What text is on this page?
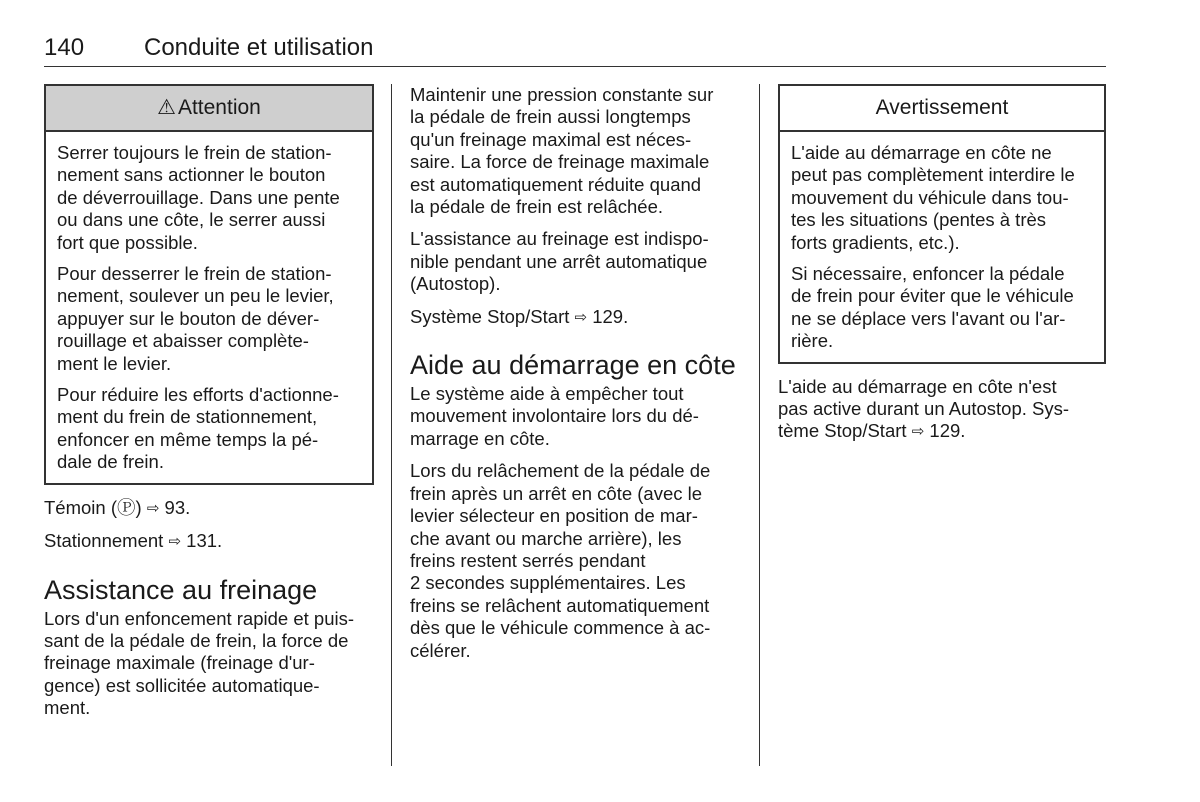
140 Conduite et utilisation
⚠Attention

Serrer toujours le frein de station-
nement sans actionner le bouton
de déverrouillage. Dans une pente
ou dans une côte, le serrer aussi
fort que possible.

Pour desserrer le frein de station-
nement, soulever un peu le levier,
appuyer sur le bouton de déver-
rouillage et abaisser complète-
ment le levier.

Pour réduire les efforts d'actionne-
ment du frein de stationnement,
enfoncer en même temps la pé-
dale de frein.

Témoin (Ⓟ) ⇨ 93.

Stationnement ⇨ 131.

Assistance au freinage

Lors d'un enfoncement rapide et puis-
sant de la pédale de frein, la force de
freinage maximale (freinage d'ur-
gence) est sollicitée automatique-
ment.

Maintenir une pression constante sur
la pédale de frein aussi longtemps
qu'un freinage maximal est néces-
saire. La force de freinage maximale
est automatiquement réduite quand
la pédale de frein est relâchée.

L'assistance au freinage est indispo-
nible pendant une arrêt automatique
(Autostop).

Système Stop/Start ⇨ 129.

Aide au démarrage en côte

Le système aide à empêcher tout
mouvement involontaire lors du dé-
marrage en côte.

Lors du relâchement de la pédale de
frein après un arrêt en côte (avec le
levier sélecteur en position de mar-
che avant ou marche arrière), les
freins restent serrés pendant
2 secondes supplémentaires. Les
freins se relâchent automatiquement
dès que le véhicule commence à ac-
célérer.

Avertissement

L'aide au démarrage en côte ne
peut pas complètement interdire le
mouvement du véhicule dans tou-
tes les situations (pentes à très
forts gradients, etc.).

Si nécessaire, enfoncer la pédale
de frein pour éviter que le véhicule
ne se déplace vers l'avant ou l'ar-
rière.

L'aide au démarrage en côte n'est
pas active durant un Autostop. Sys-
tème Stop/Start ⇨ 129.
